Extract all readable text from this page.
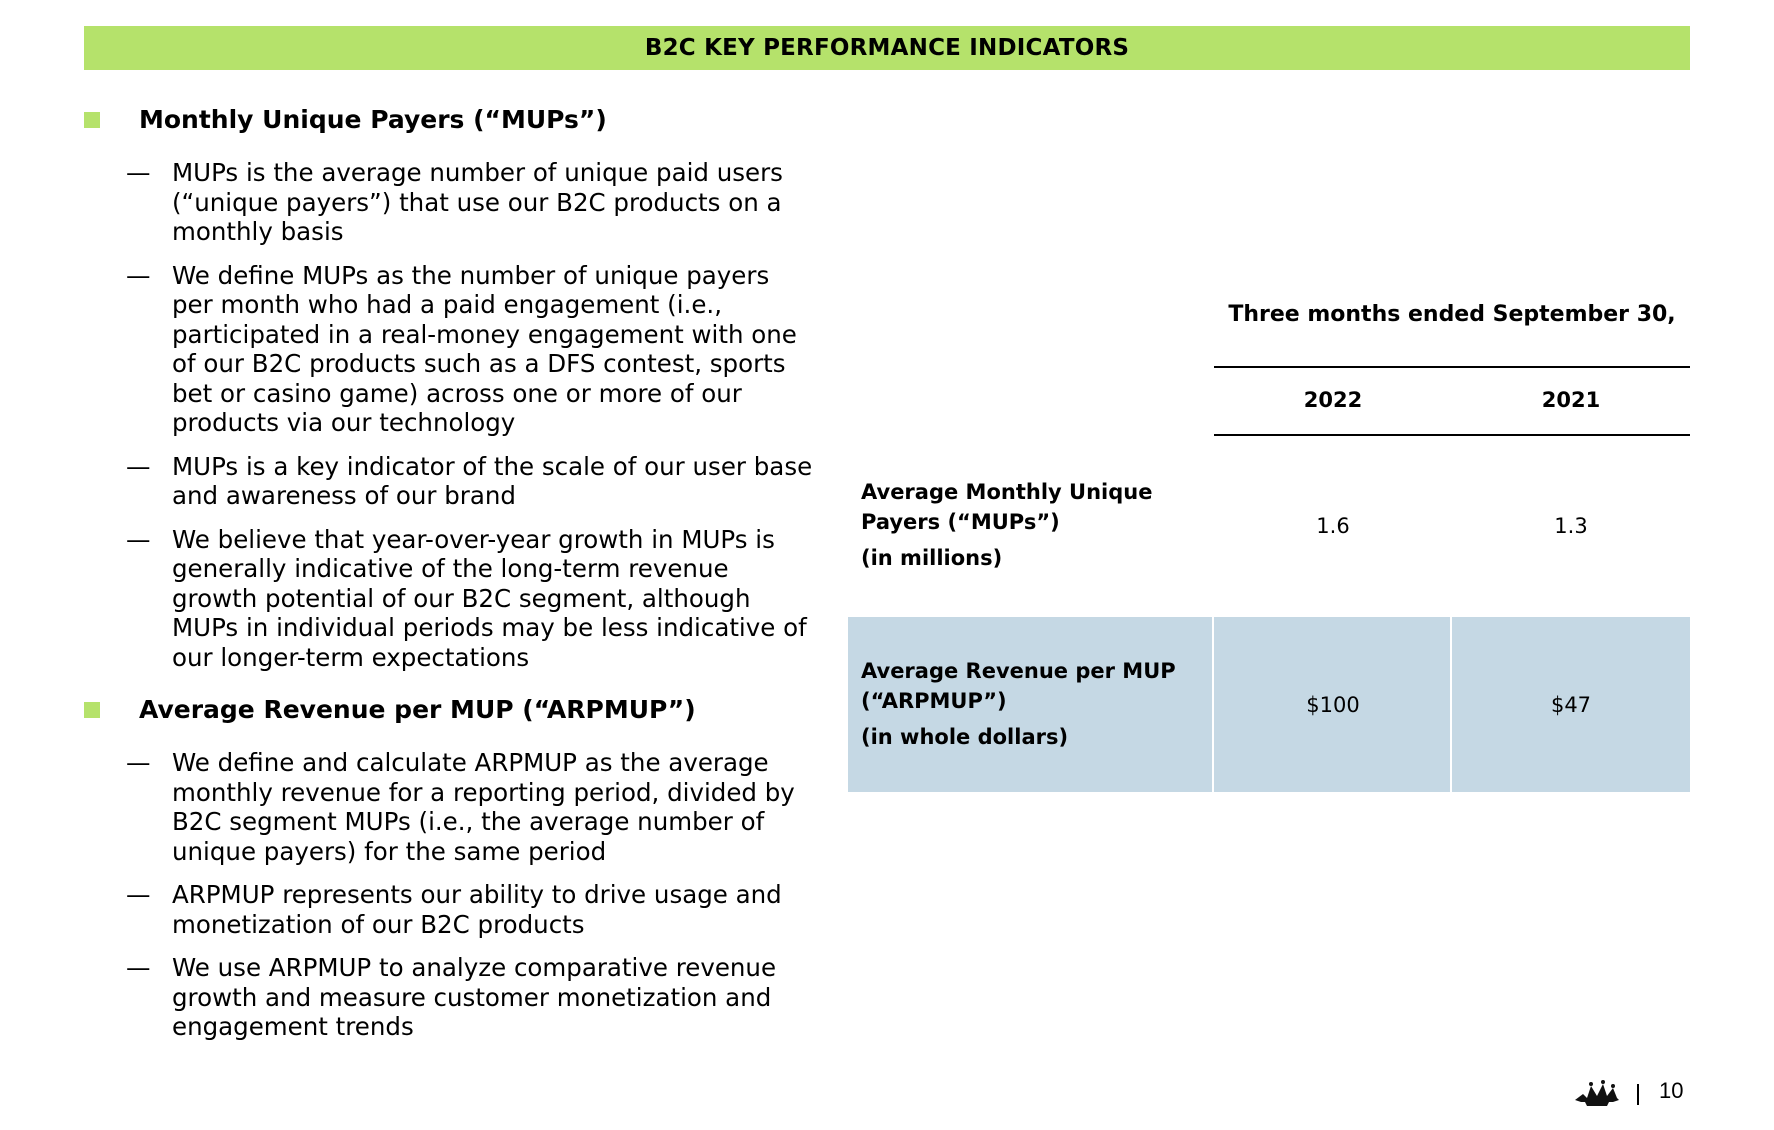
B2C KEY PERFORMANCE INDICATORS
Monthly Unique Payers (“MUPs”)
— MUPs is the average number of unique paid users (“unique payers”) that use our B2C products on a monthly basis
— We define MUPs as the number of unique payers per month who had a paid engagement (i.e., participated in a real-money engagement with one of our B2C products such as a DFS contest, sports bet or casino game) across one or more of our products via our technology
— MUPs is a key indicator of the scale of our user base and awareness of our brand
— We believe that year-over-year growth in MUPs is generally indicative of the long-term revenue growth potential of our B2C segment, although MUPs in individual periods may be less indicative of our longer-term expectations
Average Revenue per MUP (“ARPMUP”)
— We define and calculate ARPMUP as the average monthly revenue for a reporting period, divided by B2C segment MUPs (i.e., the average number of unique payers) for the same period
— ARPMUP represents our ability to drive usage and monetization of our B2C products
— We use ARPMUP to analyze comparative revenue growth and measure customer monetization and engagement trends
Three months ended September 30,
2022	2021
Average Monthly Unique Payers (“MUPs”)
(in millions)
1.6	1.3
Average Revenue per MUP (“ARPMUP”)
(in whole dollars)
$100	$47
10
